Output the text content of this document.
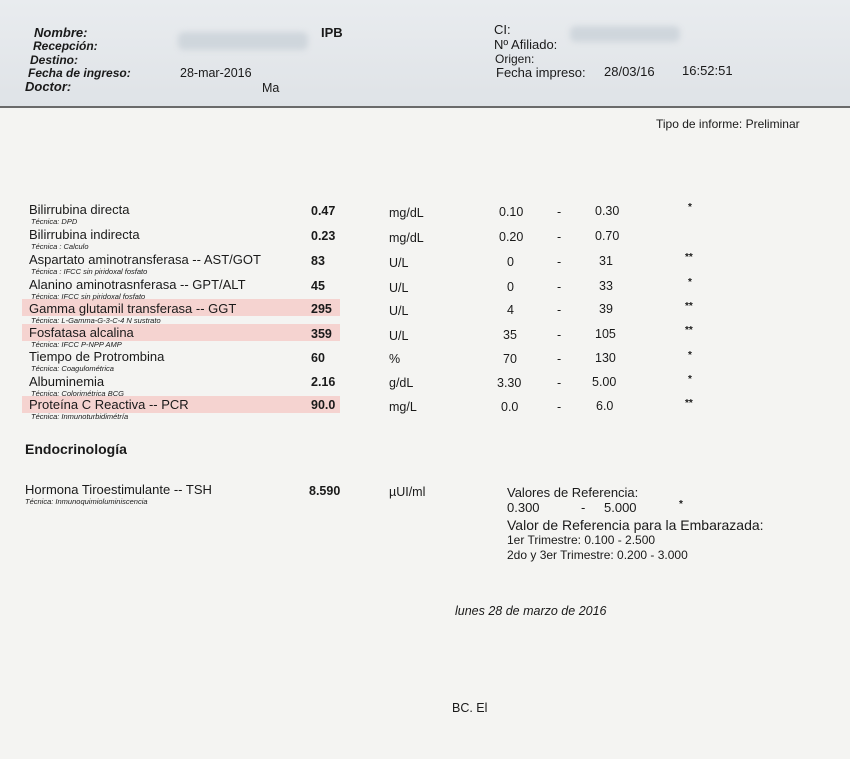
Nombre:
Recepción:
Destino:
Fecha de ingreso:	28-mar-2016
Doctor:	Ma
IPB	CI:
Nº Afiliado:
Origen:
Fecha impreso: 28/03/16 16:52:51
Tipo de informe: Preliminar
Bilirrubina directa
Técnica: DPD
0.47	mg/dL	0.10	-	0.30	*
Bilirrubina indirecta
Técnica : Calculo
0.23	mg/dL	0.20	-	0.70
Aspartato aminotransferasa -- AST/GOT
Técnica : IFCC sin piridoxal fosfato
83	U/L	0	-	31	**
Alanino aminotrasnferasa -- GPT/ALT
Técnica: IFCC sin piridoxal fosfato
45	U/L	0	-	33	*
Gamma glutamil transferasa -- GGT
Técnica: L-Gamma-G-3-C-4 N sustrato
295	U/L	4	-	39	**
Fosfatasa alcalina
Técnica: IFCC P-NPP AMP
359	U/L	35	-	105	**
Tiempo de Protrombina
Técnica: Coagulométrica
60	%	70	-	130	*
Albuminemia
Técnica: Colorimétrica BCG
2.16	g/dL	3.30	- 5.00	*
Proteína C Reactiva -- PCR
Técnica: Inmunoturbidimétría
90.0	mg/L	0.0	-	6.0	**
Endocrinología
Hormona Tiroestimulante -- TSH
Técnica: Inmunoquimioluminiscencia
8.590	µUI/ml	Valores de Referencia:
0.300	- 5.000	*
Valor de Referencia para la Embarazada:
1er Trimestre: 0.100 - 2.500
2do y 3er Trimestre: 0.200 - 3.000
lunes 28 de marzo de 2016
BC. El
